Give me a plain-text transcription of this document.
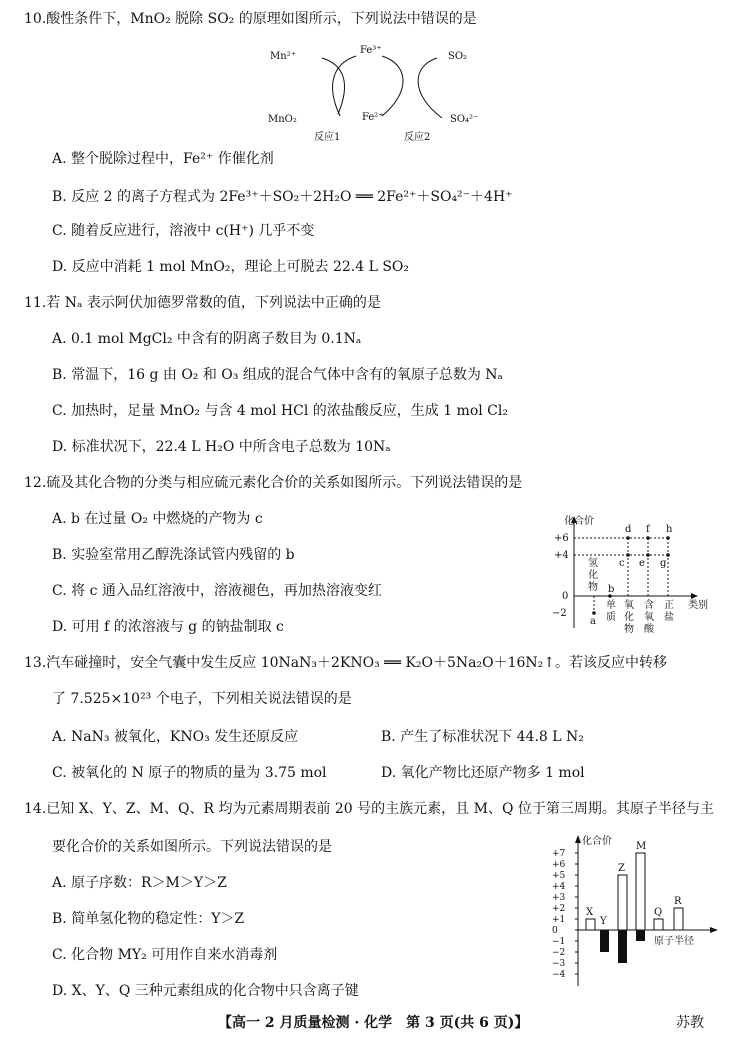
10.酸性条件下，MnO₂ 脱除 SO₂ 的原理如图所示，下列说法中错误的是
Mn²⁺
Fe³⁺
SO₂
MnO₂	Fe²⁺	SO₄²⁻
反应1	反应2
A. 整个脱除过程中，Fe²⁺ 作催化剂
B. 反应 2 的离子方程式为 2Fe³⁺＋SO₂＋2H₂O ══ 2Fe²⁺＋SO₄²⁻＋4H⁺
C. 随着反应进行，溶液中 c(H⁺) 几乎不变
D. 反应中消耗 1 mol MnO₂，理论上可脱去 22.4 L SO₂
11.若 Nₐ 表示阿伏加德罗常数的值，下列说法中正确的是
A. 0.1 mol MgCl₂ 中含有的阴离子数目为 0.1Nₐ
B. 常温下，16 g 由 O₂ 和 O₃ 组成的混合气体中含有的氧原子总数为 Nₐ
C. 加热时，足量 MnO₂ 与含 4 mol HCl 的浓盐酸反应，生成 1 mol Cl₂
D. 标准状况下，22.4 L H₂O 中所含电子总数为 10Nₐ
12.硫及其化合物的分类与相应硫元素化合价的关系如图所示。下列说法错误的是
A. b 在过量 O₂ 中燃烧的产物为 c
B. 实验室常用乙醇洗涤试管内残留的 b
C. 将 c 通入品红溶液中，溶液褪色，再加热溶液变红
D. 可用 f 的浓溶液与 g 的钠盐制取 c
化合价
类别
+6
+4
0
−2
氢
化
物
单
质
氧
化
物
含
氧
酸
正
盐
a
b
c
d
e
f
g
h
13.汽车碰撞时，安全气囊中发生反应 10NaN₃＋2KNO₃ ══ K₂O＋5Na₂O＋16N₂↑。若该反应中转移
了 7.525×10²³ 个电子，下列相关说法错误的是
A. NaN₃ 被氧化，KNO₃ 发生还原反应	B. 产生了标准状况下 44.8 L N₂
C. 被氧化的 N 原子的物质的量为 3.75 mol	D. 氧化产物比还原产物多 1 mol
14.已知 X、Y、Z、M、Q、R 均为元素周期表前 20 号的主族元素，且 M、Q 位于第三周期。其原子半径与主
要化合价的关系如图所示。下列说法错误的是
A. 原子序数：R＞M＞Y＞Z
B. 简单氢化物的稳定性：Y＞Z
C. 化合物 MY₂ 可用作自来水消毒剂
D. X、Y、Q 三种元素组成的化合物中只含离子键
化合价
原子半径
+7
+6
+5
+4
+3
+2
+1
0
−1
−2
−3
−4
X
Y
Z
M
Q
R
【高一 2 月质量检测 · 化学　第 3 页(共 6 页)】	苏教
